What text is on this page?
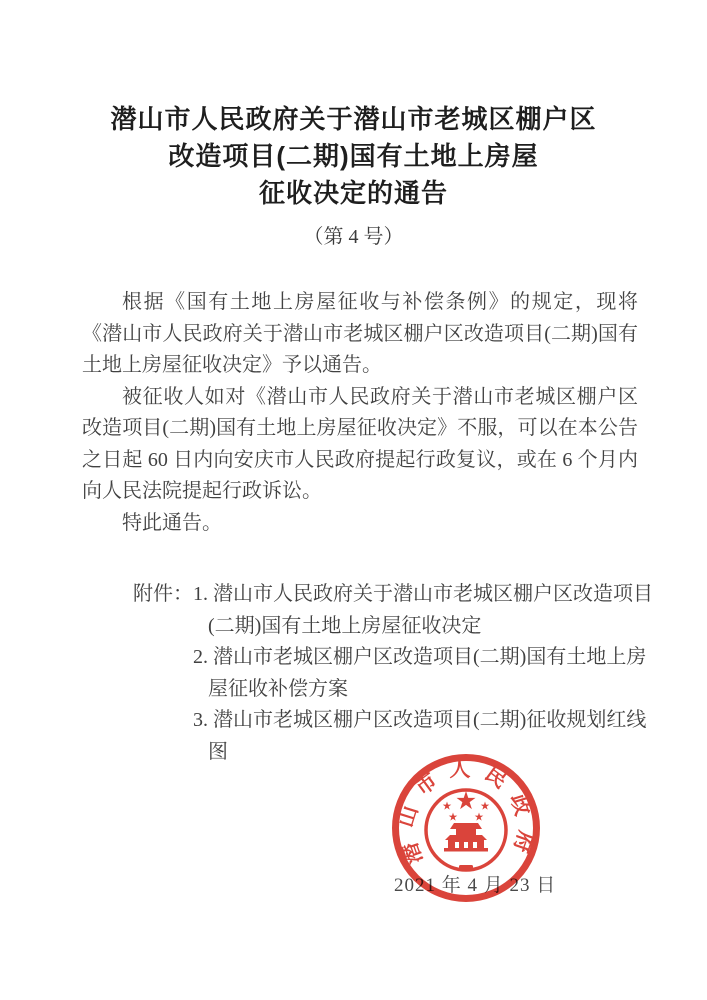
潜山市人民政府关于潜山市老城区棚户区
改造项目(二期)国有土地上房屋
征收决定的通告
（第 4 号）

根据《国有土地上房屋征收与补偿条例》的规定，现将《潜山市人民政府关于潜山市老城区棚户区改造项目(二期)国有土地上房屋征收决定》予以通告。

被征收人如对《潜山市人民政府关于潜山市老城区棚户区改造项目(二期)国有土地上房屋征收决定》不服，可以在本公告之日起 60 日内向安庆市人民政府提起行政复议，或在 6 个月内向人民法院提起行政诉讼。

特此通告。

附件： 1. 潜山市人民政府关于潜山市老城区棚户区改造项目
(二期)国有土地上房屋征收决定
2. 潜山市老城区棚户区改造项目(二期)国有土地上房
屋征收补偿方案
3. 潜山市老城区棚户区改造项目(二期)征收规划红线
图
2021 年 4 月 23 日
潜山市人民政府
